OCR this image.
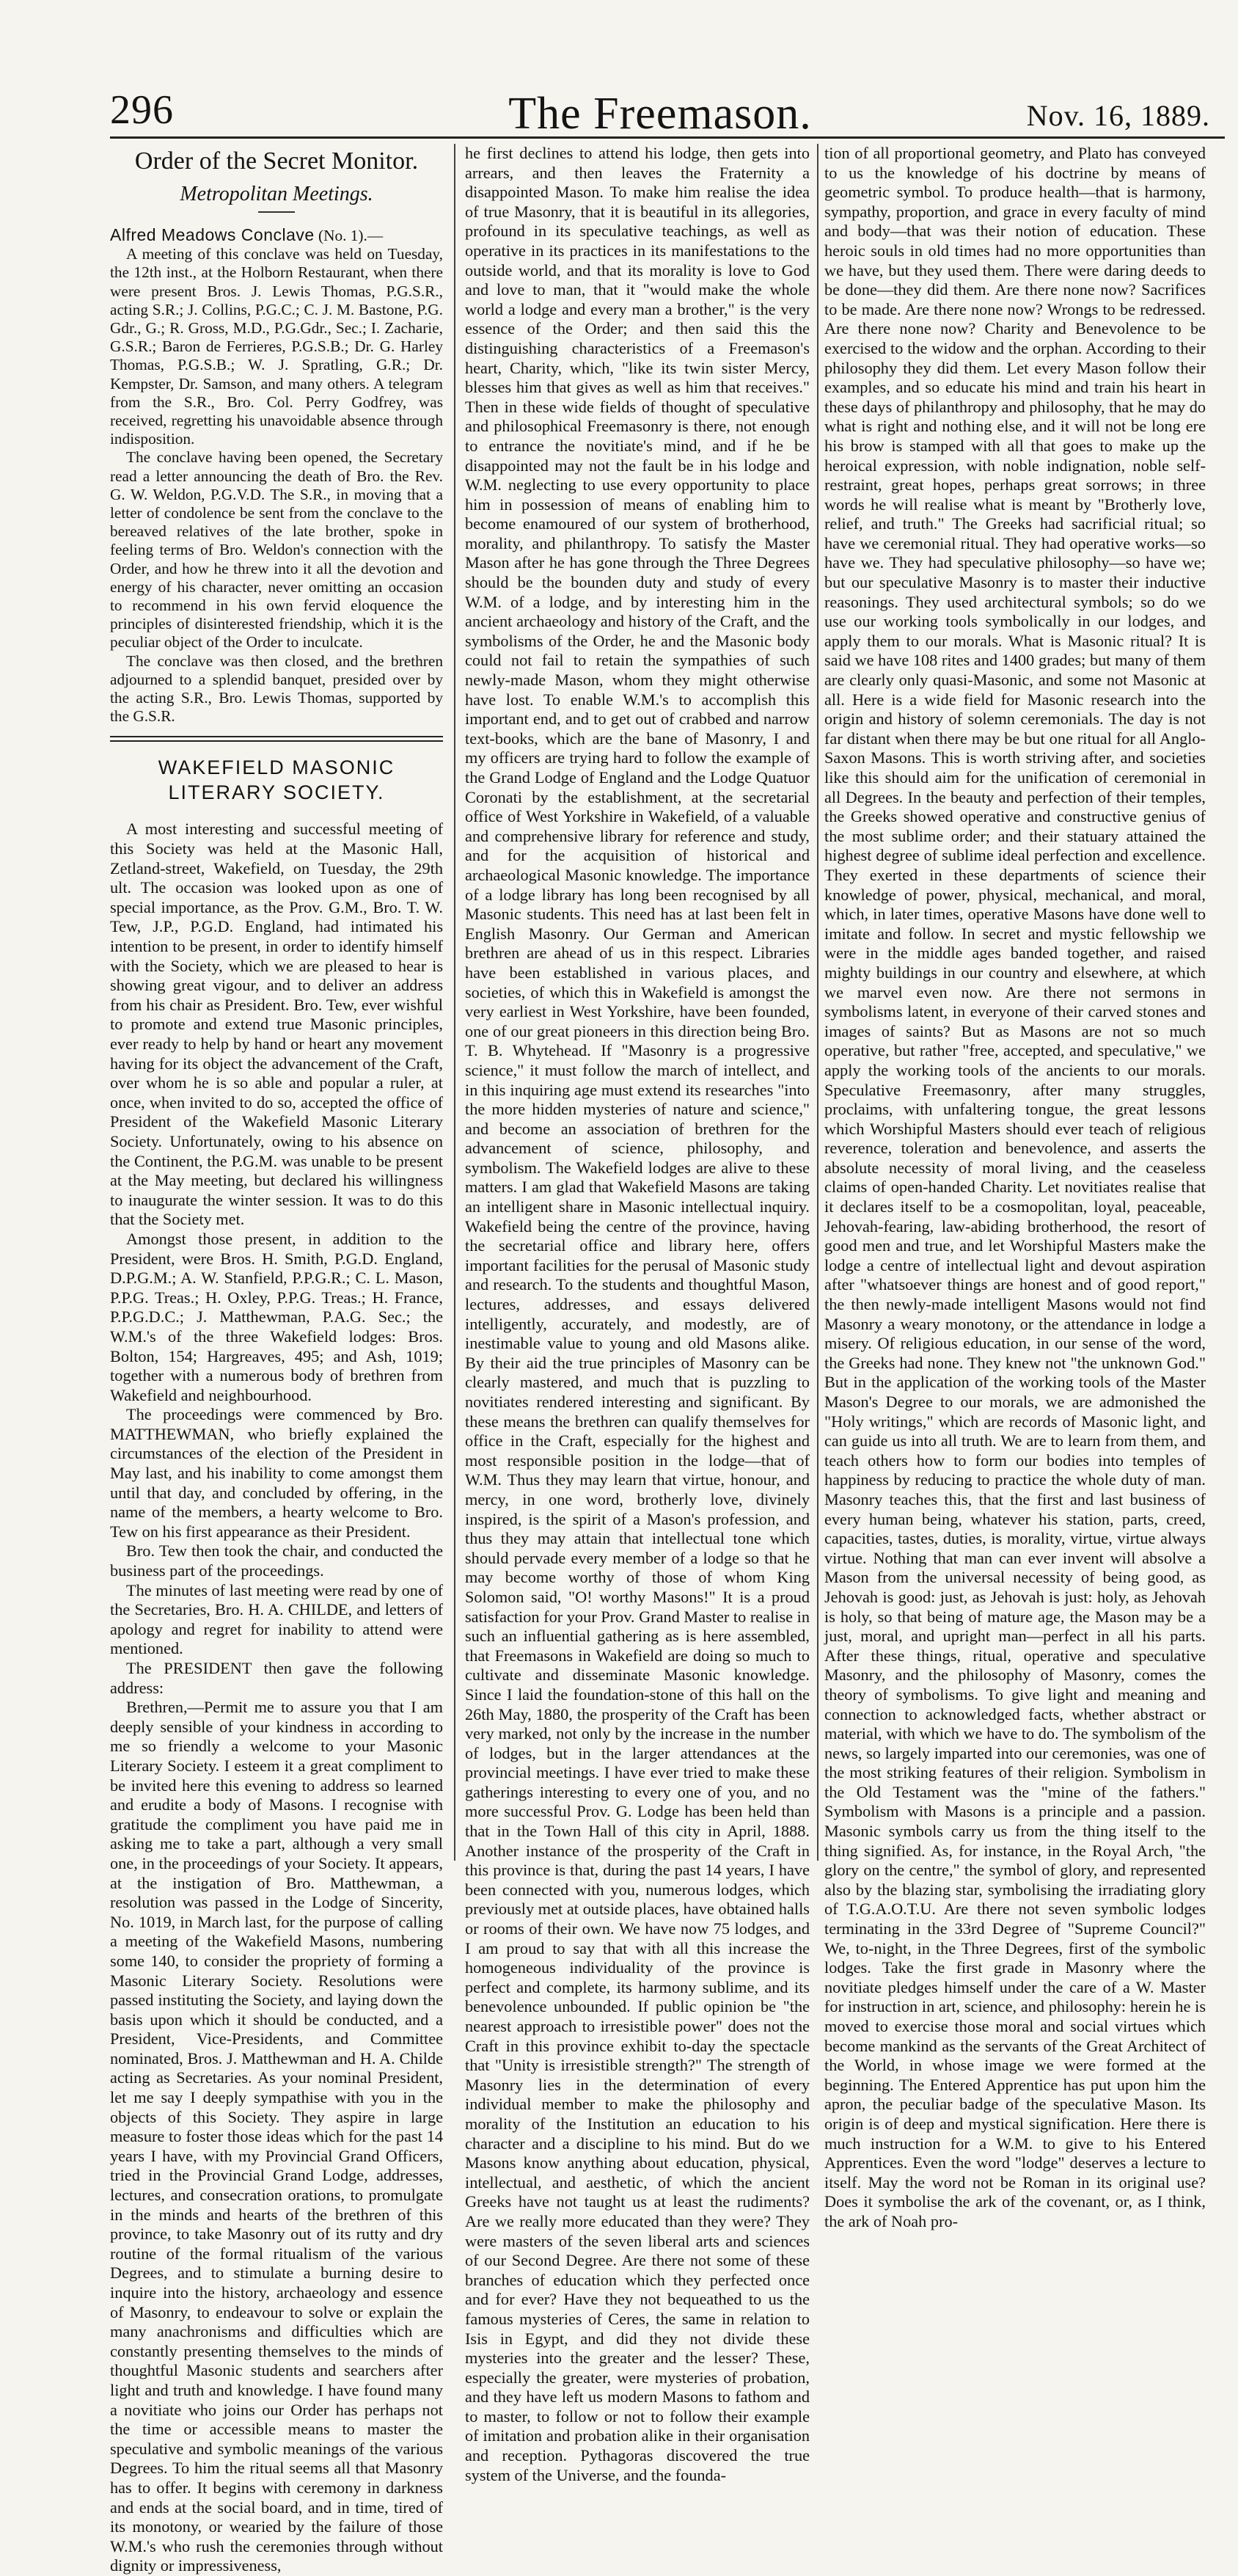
296	The Freemason.	Nov. 16, 1889.
Order of the Secret Monitor.
Metropolitan Meetings.

Alfred Meadows Conclave (No. 1).—

A meeting of this conclave was held on Tuesday, the 12th inst., at the Holborn Restaurant, when there were present Bros. J. Lewis Thomas, P.G.S.R., acting S.R.; J. Collins, P.G.C.; C. J. M. Bastone, P.G. Gdr., G.; R. Gross, M.D., P.G.Gdr., Sec.; I. Zacharie, G.S.R.; Baron de Ferrieres, P.G.S.B.; Dr. G. Harley Thomas, P.G.S.B.; W. J. Spratling, G.R.; Dr. Kempster, Dr. Samson, and many others. A telegram from the S.R., Bro. Col. Perry Godfrey, was received, regretting his unavoidable absence through indisposition.

The conclave having been opened, the Secretary read a letter announcing the death of Bro. the Rev. G. W. Weldon, P.G.V.D. The S.R., in moving that a letter of condolence be sent from the conclave to the bereaved relatives of the late brother, spoke in feeling terms of Bro. Weldon's connection with the Order, and how he threw into it all the devotion and energy of his character, never omitting an occasion to recommend in his own fervid eloquence the principles of disinterested friendship, which it is the peculiar object of the Order to inculcate.

The conclave was then closed, and the brethren adjourned to a splendid banquet, presided over by the acting S.R., Bro. Lewis Thomas, supported by the G.S.R.

WAKEFIELD MASONIC LITERARY SOCIETY.

A most interesting and successful meeting of this Society was held at the Masonic Hall, Zetland-street, Wakefield, on Tuesday, the 29th ult. The occasion was looked upon as one of special importance, as the Prov. G.M., Bro. T. W. Tew, J.P., P.G.D. England, had intimated his intention to be present, in order to identify himself with the Society, which we are pleased to hear is showing great vigour, and to deliver an address from his chair as President. Bro. Tew, ever wishful to promote and extend true Masonic principles, ever ready to help by hand or heart any movement having for its object the advancement of the Craft, over whom he is so able and popular a ruler, at once, when invited to do so, accepted the office of President of the Wakefield Masonic Literary Society. Unfortunately, owing to his absence on the Continent, the P.G.M. was unable to be present at the May meeting, but declared his willingness to inaugurate the winter session. It was to do this that the Society met.

Amongst those present, in addition to the President, were Bros. H. Smith, P.G.D. England, D.P.G.M.; A. W. Stanfield, P.P.G.R.; C. L. Mason, P.P.G. Treas.; H. Oxley, P.P.G. Treas.; H. France, P.P.G.D.C.; J. Matthewman, P.A.G. Sec.; the W.M.'s of the three Wakefield lodges: Bros. Bolton, 154; Hargreaves, 495; and Ash, 1019; together with a numerous body of brethren from Wakefield and neighbourhood.

The proceedings were commenced by Bro. MATTHEWMAN, who briefly explained the circumstances of the election of the President in May last, and his inability to come amongst them until that day, and concluded by offering, in the name of the members, a hearty welcome to Bro. Tew on his first appearance as their President.

Bro. Tew then took the chair, and conducted the business part of the proceedings.

The minutes of last meeting were read by one of the Secretaries, Bro. H. A. CHILDE, and letters of apology and regret for inability to attend were mentioned.

The PRESIDENT then gave the following address:

Brethren,—Permit me to assure you that I am deeply sensible of your kindness in according to me so friendly a welcome to your Masonic Literary Society. I esteem it a great compliment to be invited here this evening to address so learned and erudite a body of Masons. I recognise with gratitude the compliment you have paid me in asking me to take a part, although a very small one, in the proceedings of your Society. It appears, at the instigation of Bro. Matthewman, a resolution was passed in the Lodge of Sincerity, No. 1019, in March last, for the purpose of calling a meeting of the Wakefield Masons, numbering some 140, to consider the propriety of forming a Masonic Literary Society. Resolutions were passed instituting the Society, and laying down the basis upon which it should be conducted, and a President, Vice-Presidents, and Committee nominated, Bros. J. Matthewman and H. A. Childe acting as Secretaries. As your nominal President, let me say I deeply sympathise with you in the objects of this Society. They aspire in large measure to foster those ideas which for the past 14 years I have, with my Provincial Grand Officers, tried in the Provincial Grand Lodge, addresses, lectures, and consecration orations, to promulgate in the minds and hearts of the brethren of this province, to take Masonry out of its rutty and dry routine of the formal ritualism of the various Degrees, and to stimulate a burning desire to inquire into the history, archaeology and essence of Masonry, to endeavour to solve or explain the many anachronisms and difficulties which are constantly presenting themselves to the minds of thoughtful Masonic students and searchers after light and truth and knowledge. I have found many a novitiate who joins our Order has perhaps not the time or accessible means to master the speculative and symbolic meanings of the various Degrees. To him the ritual seems all that Masonry has to offer. It begins with ceremony in darkness and ends at the social board, and in time, tired of its monotony, or wearied by the failure of those W.M.'s who rush the ceremonies through without dignity or impressiveness,

he first declines to attend his lodge, then gets into arrears, and then leaves the Fraternity a disappointed Mason. To make him realise the idea of true Masonry, that it is beautiful in its allegories, profound in its speculative teachings, as well as operative in its practices in its manifestations to the outside world, and that its morality is love to God and love to man, that it "would make the whole world a lodge and every man a brother," is the very essence of the Order; and then said this the distinguishing characteristics of a Freemason's heart, Charity, which, "like its twin sister Mercy, blesses him that gives as well as him that receives." Then in these wide fields of thought of speculative and philosophical Freemasonry is there, not enough to entrance the novitiate's mind, and if he be disappointed may not the fault be in his lodge and W.M. neglecting to use every opportunity to place him in possession of means of enabling him to become enamoured of our system of brotherhood, morality, and philanthropy. To satisfy the Master Mason after he has gone through the Three Degrees should be the bounden duty and study of every W.M. of a lodge, and by interesting him in the ancient archaeology and history of the Craft, and the symbolisms of the Order, he and the Masonic body could not fail to retain the sympathies of such newly-made Mason, whom they might otherwise have lost. To enable W.M.'s to accomplish this important end, and to get out of crabbed and narrow text-books, which are the bane of Masonry, I and my officers are trying hard to follow the example of the Grand Lodge of England and the Lodge Quatuor Coronati by the establishment, at the secretarial office of West Yorkshire in Wakefield, of a valuable and comprehensive library for reference and study, and for the acquisition of historical and archaeological Masonic knowledge. The importance of a lodge library has long been recognised by all Masonic students. This need has at last been felt in English Masonry. Our German and American brethren are ahead of us in this respect. Libraries have been established in various places, and societies, of which this in Wakefield is amongst the very earliest in West Yorkshire, have been founded, one of our great pioneers in this direction being Bro. T. B. Whytehead. If "Masonry is a progressive science," it must follow the march of intellect, and in this inquiring age must extend its researches "into the more hidden mysteries of nature and science," and become an association of brethren for the advancement of science, philosophy, and symbolism. The Wakefield lodges are alive to these matters. I am glad that Wakefield Masons are taking an intelligent share in Masonic intellectual inquiry. Wakefield being the centre of the province, having the secretarial office and library here, offers important facilities for the perusal of Masonic study and research. To the students and thoughtful Mason, lectures, addresses, and essays delivered intelligently, accurately, and modestly, are of inestimable value to young and old Masons alike. By their aid the true principles of Masonry can be clearly mastered, and much that is puzzling to novitiates rendered interesting and significant. By these means the brethren can qualify themselves for office in the Craft, especially for the highest and most responsible position in the lodge—that of W.M. Thus they may learn that virtue, honour, and mercy, in one word, brotherly love, divinely inspired, is the spirit of a Mason's profession, and thus they may attain that intellectual tone which should pervade every member of a lodge so that he may become worthy of those of whom King Solomon said, "O! worthy Masons!" It is a proud satisfaction for your Prov. Grand Master to realise in such an influential gathering as is here assembled, that Freemasons in Wakefield are doing so much to cultivate and disseminate Masonic knowledge. Since I laid the foundation-stone of this hall on the 26th May, 1880, the prosperity of the Craft has been very marked, not only by the increase in the number of lodges, but in the larger attendances at the provincial meetings. I have ever tried to make these gatherings interesting to every one of you, and no more successful Prov. G. Lodge has been held than that in the Town Hall of this city in April, 1888. Another instance of the prosperity of the Craft in this province is that, during the past 14 years, I have been connected with you, numerous lodges, which previously met at outside places, have obtained halls or rooms of their own. We have now 75 lodges, and I am proud to say that with all this increase the homogeneous individuality of the province is perfect and complete, its harmony sublime, and its benevolence unbounded. If public opinion be "the nearest approach to irresistible power" does not the Craft in this province exhibit to-day the spectacle that "Unity is irresistible strength?" The strength of Masonry lies in the determination of every individual member to make the philosophy and morality of the Institution an education to his character and a discipline to his mind. But do we Masons know anything about education, physical, intellectual, and aesthetic, of which the ancient Greeks have not taught us at least the rudiments? Are we really more educated than they were? They were masters of the seven liberal arts and sciences of our Second Degree. Are there not some of these branches of education which they perfected once and for ever? Have they not bequeathed to us the famous mysteries of Ceres, the same in relation to Isis in Egypt, and did they not divide these mysteries into the greater and the lesser? These, especially the greater, were mysteries of probation, and they have left us modern Masons to fathom and to master, to follow or not to follow their example of imitation and probation alike in their organisation and reception. Pythagoras discovered the true system of the Universe, and the founda-

tion of all proportional geometry, and Plato has conveyed to us the knowledge of his doctrine by means of geometric symbol. To produce health—that is harmony, sympathy, proportion, and grace in every faculty of mind and body—that was their notion of education. These heroic souls in old times had no more opportunities than we have, but they used them. There were daring deeds to be done—they did them. Are there none now? Sacrifices to be made. Are there none now? Wrongs to be redressed. Are there none now? Charity and Benevolence to be exercised to the widow and the orphan. According to their philosophy they did them. Let every Mason follow their examples, and so educate his mind and train his heart in these days of philanthropy and philosophy, that he may do what is right and nothing else, and it will not be long ere his brow is stamped with all that goes to make up the heroical expression, with noble indignation, noble self-restraint, great hopes, perhaps great sorrows; in three words he will realise what is meant by "Brotherly love, relief, and truth." The Greeks had sacrificial ritual; so have we ceremonial ritual. They had operative works—so have we. They had speculative philosophy—so have we; but our speculative Masonry is to master their inductive reasonings. They used architectural symbols; so do we use our working tools symbolically in our lodges, and apply them to our morals. What is Masonic ritual? It is said we have 108 rites and 1400 grades; but many of them are clearly only quasi-Masonic, and some not Masonic at all. Here is a wide field for Masonic research into the origin and history of solemn ceremonials. The day is not far distant when there may be but one ritual for all Anglo-Saxon Masons. This is worth striving after, and societies like this should aim for the unification of ceremonial in all Degrees. In the beauty and perfection of their temples, the Greeks showed operative and constructive genius of the most sublime order; and their statuary attained the highest degree of sublime ideal perfection and excellence. They exerted in these departments of science their knowledge of power, physical, mechanical, and moral, which, in later times, operative Masons have done well to imitate and follow. In secret and mystic fellowship we were in the middle ages banded together, and raised mighty buildings in our country and elsewhere, at which we marvel even now. Are there not sermons in symbolisms latent, in everyone of their carved stones and images of saints? But as Masons are not so much operative, but rather "free, accepted, and speculative," we apply the working tools of the ancients to our morals. Speculative Freemasonry, after many struggles, proclaims, with unfaltering tongue, the great lessons which Worshipful Masters should ever teach of religious reverence, toleration and benevolence, and asserts the absolute necessity of moral living, and the ceaseless claims of open-handed Charity. Let novitiates realise that it declares itself to be a cosmopolitan, loyal, peaceable, Jehovah-fearing, law-abiding brotherhood, the resort of good men and true, and let Worshipful Masters make the lodge a centre of intellectual light and devout aspiration after "whatsoever things are honest and of good report," the then newly-made intelligent Masons would not find Masonry a weary monotony, or the attendance in lodge a misery. Of religious education, in our sense of the word, the Greeks had none. They knew not "the unknown God." But in the application of the working tools of the Master Mason's Degree to our morals, we are admonished the "Holy writings," which are records of Masonic light, and can guide us into all truth. We are to learn from them, and teach others how to form our bodies into temples of happiness by reducing to practice the whole duty of man. Masonry teaches this, that the first and last business of every human being, whatever his station, parts, creed, capacities, tastes, duties, is morality, virtue, virtue always virtue. Nothing that man can ever invent will absolve a Mason from the universal necessity of being good, as Jehovah is good: just, as Jehovah is just: holy, as Jehovah is holy, so that being of mature age, the Mason may be a just, moral, and upright man—perfect in all his parts. After these things, ritual, operative and speculative Masonry, and the philosophy of Masonry, comes the theory of symbolisms. To give light and meaning and connection to acknowledged facts, whether abstract or material, with which we have to do. The symbolism of the news, so largely imparted into our ceremonies, was one of the most striking features of their religion. Symbolism in the Old Testament was the "mine of the fathers." Symbolism with Masons is a principle and a passion. Masonic symbols carry us from the thing itself to the thing signified. As, for instance, in the Royal Arch, "the glory on the centre," the symbol of glory, and represented also by the blazing star, symbolising the irradiating glory of T.G.A.O.T.U. Are there not seven symbolic lodges terminating in the 33rd Degree of "Supreme Council?" We, to-night, in the Three Degrees, first of the symbolic lodges. Take the first grade in Masonry where the novitiate pledges himself under the care of a W. Master for instruction in art, science, and philosophy: herein he is moved to exercise those moral and social virtues which become mankind as the servants of the Great Architect of the World, in whose image we were formed at the beginning. The Entered Apprentice has put upon him the apron, the peculiar badge of the speculative Mason. Its origin is of deep and mystical signification. Here there is much instruction for a W.M. to give to his Entered Apprentices. Even the word "lodge" deserves a lecture to itself. May the word not be Roman in its original use? Does it symbolise the ark of the covenant, or, as I think, the ark of Noah pro-
